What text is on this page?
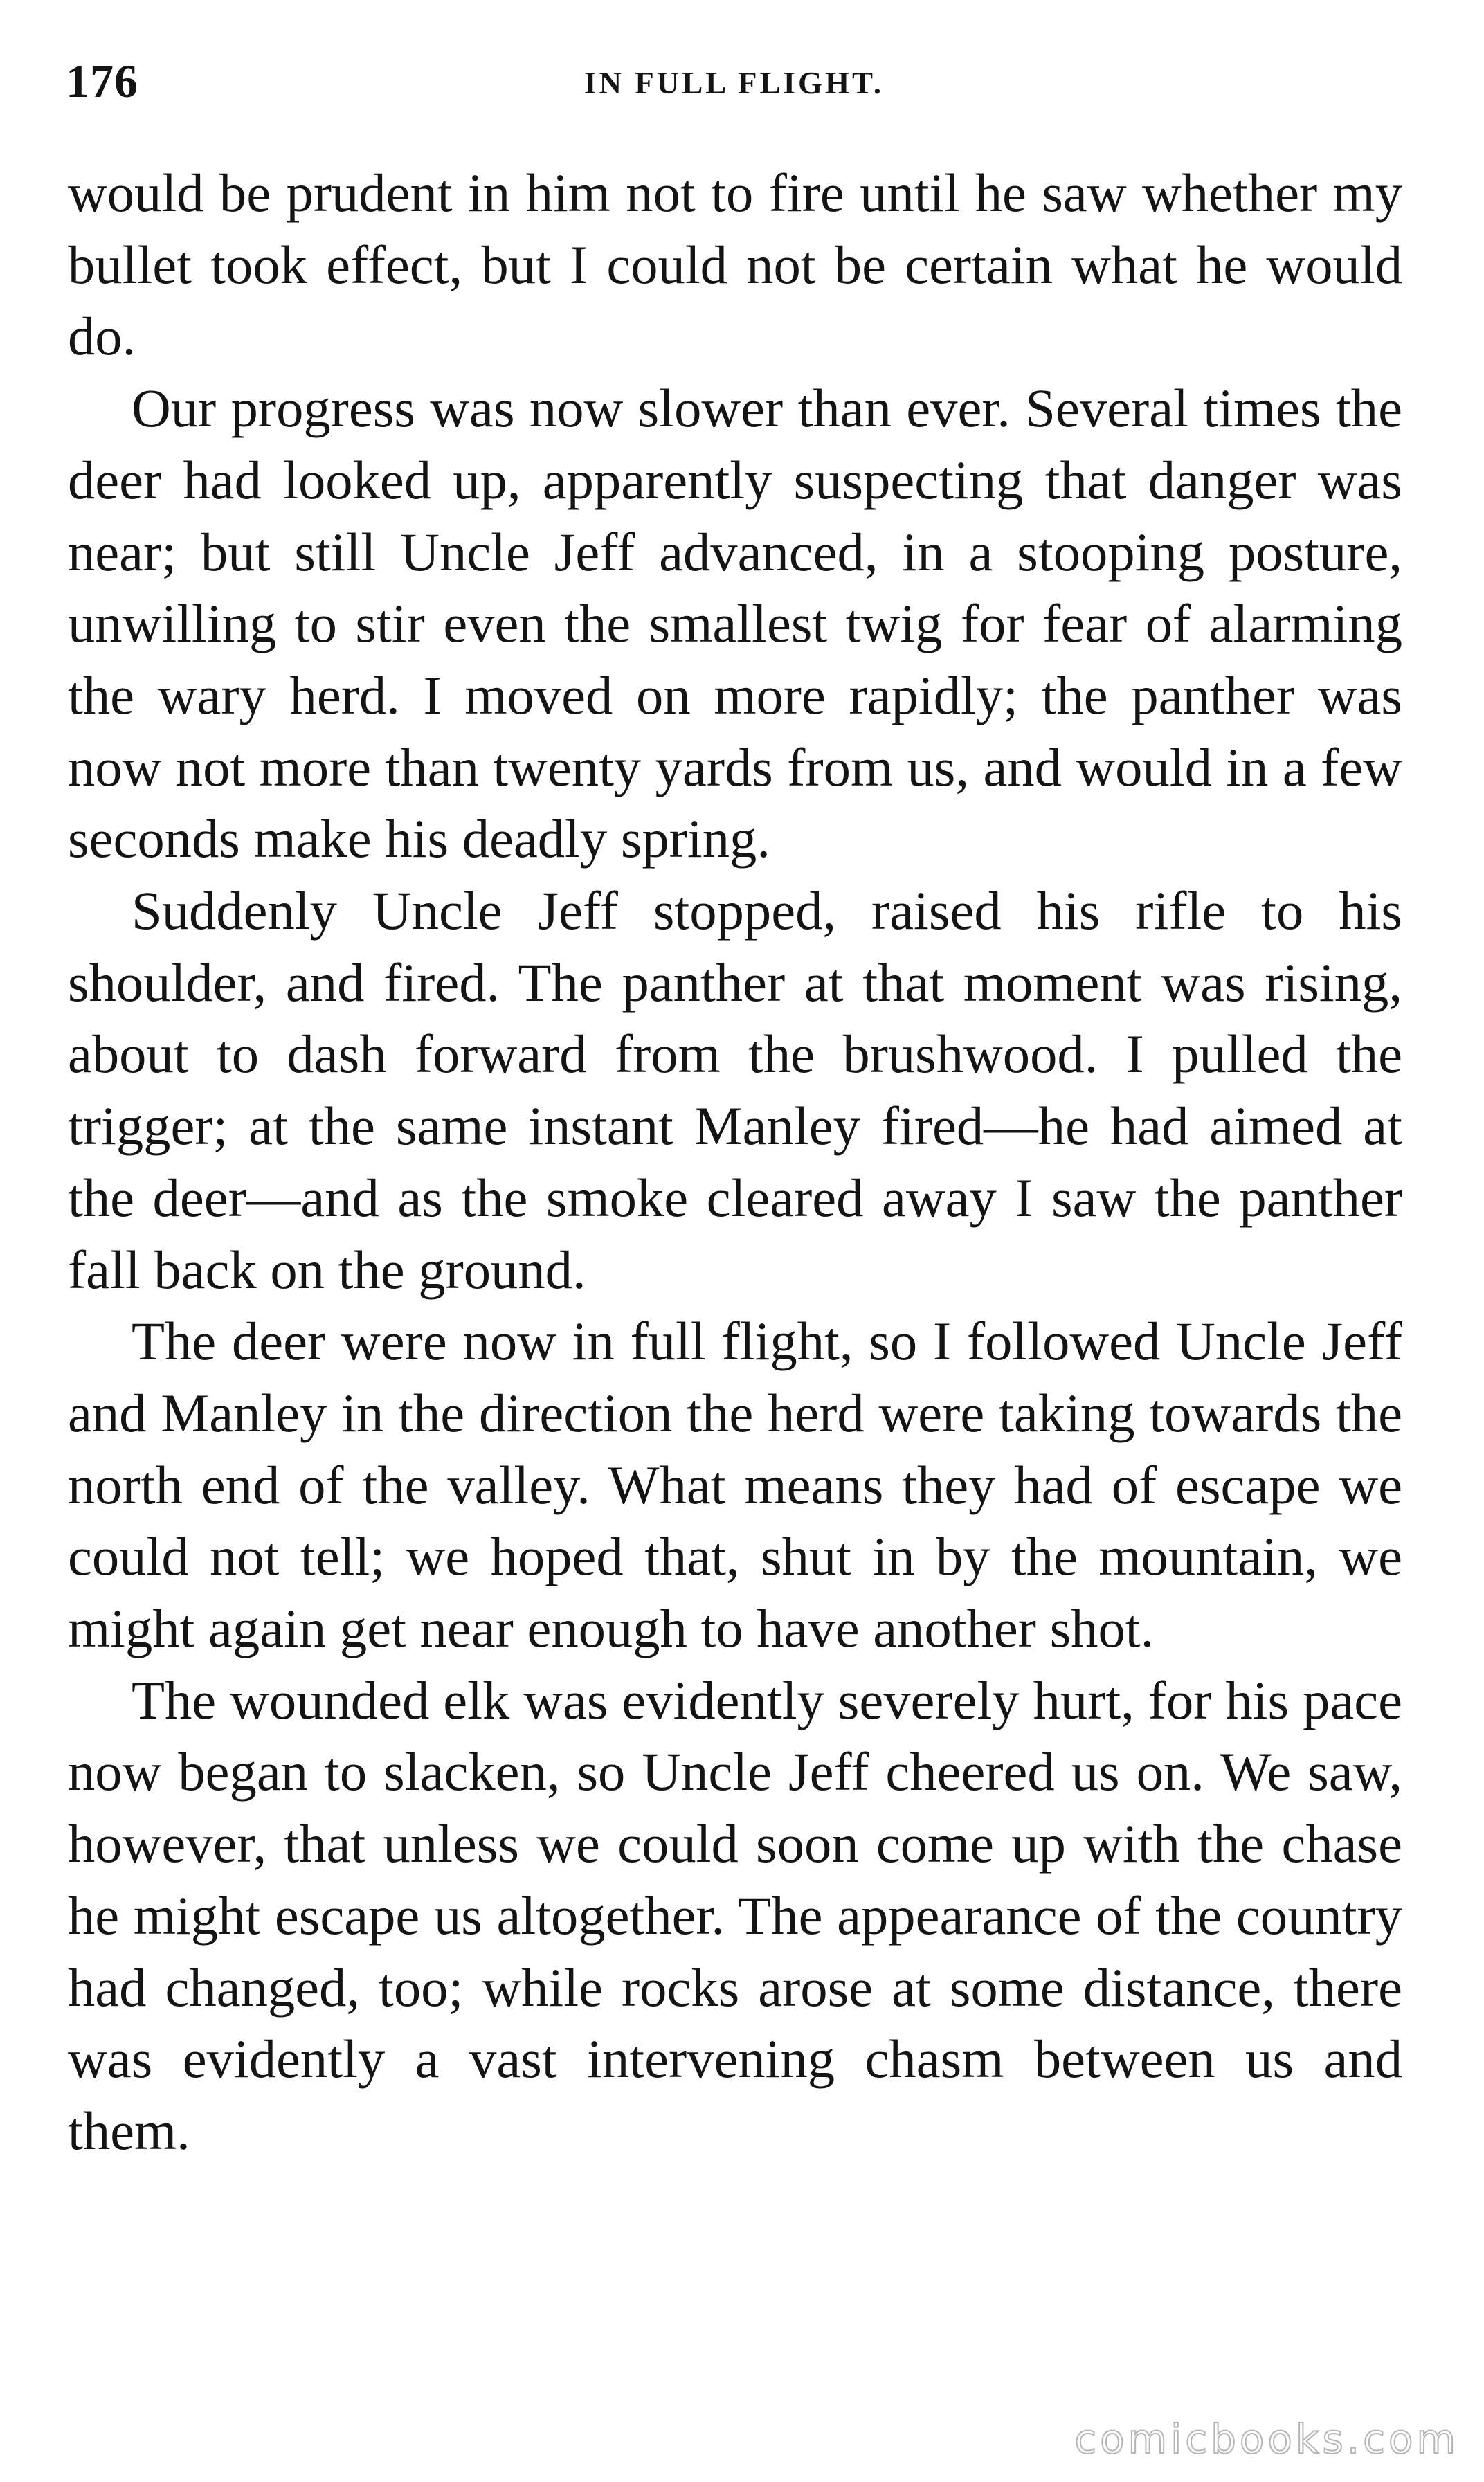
176	IN FULL FLIGHT.

would be prudent in him not to fire until he saw whether my bullet took effect, but I could not be certain what he would do.

Our progress was now slower than ever. Several times the deer had looked up, apparently suspecting that danger was near; but still Uncle Jeff advanced, in a stooping posture, unwilling to stir even the smallest twig for fear of alarming the wary herd. I moved on more rapidly; the panther was now not more than twenty yards from us, and would in a few seconds make his deadly spring.

Suddenly Uncle Jeff stopped, raised his rifle to his shoulder, and fired. The panther at that moment was rising, about to dash forward from the brushwood. I pulled the trigger; at the same instant Manley fired—he had aimed at the deer—and as the smoke cleared away I saw the panther fall back on the ground.

The deer were now in full flight, so I followed Uncle Jeff and Manley in the direction the herd were taking towards the north end of the valley. What means they had of escape we could not tell; we hoped that, shut in by the mountain, we might again get near enough to have another shot.

The wounded elk was evidently severely hurt, for his pace now began to slacken, so Uncle Jeff cheered us on. We saw, however, that unless we could soon come up with the chase he might escape us altogether. The appearance of the country had changed, too; while rocks arose at some distance, there was evidently a vast intervening chasm between us and them.

comicbooks.com
